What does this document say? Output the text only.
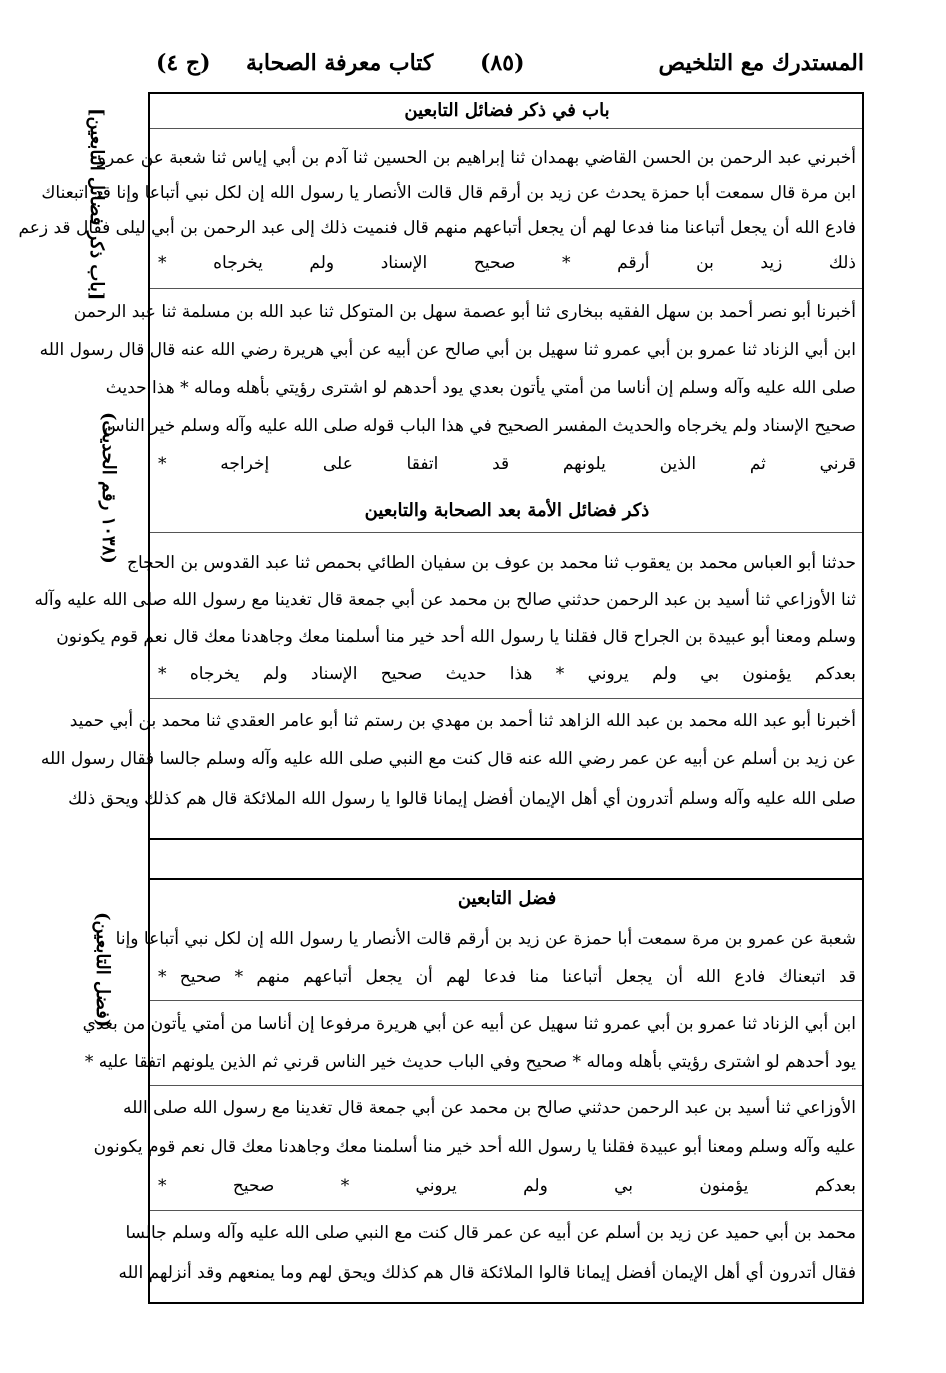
المستدرك مع التلخيص
(٨٥)
كتاب معرفة الصحابة
(ج ٤)
[باب ذكر فضائل التابعين]
(١٠٣٨ رقم الحديث)
(فضل التابعين)
باب في ذكر فضائل التابعين
أخبرني عبد الرحمن بن الحسن القاضي بهمدان ثنا إبراهيم بن الحسين ثنا آدم بن أبي إياس ثنا شعبة عن عمرو
ابن مرة قال سمعت أبا حمزة يحدث عن زيد بن أرقم قال قالت الأنصار يا رسول الله إن لكل نبي أتباعا وإنا قد اتبعناك
فادع الله أن يجعل أتباعنا منا فدعا لهم أن يجعل أتباعهم منهم قال فنميت ذلك إلى عبد الرحمن بن أبي ليلى فقال قد زعم
ذلك زيد بن أرقم * صحيح الإسناد ولم يخرجاه *
أخبرنا أبو نصر أحمد بن سهل الفقيه ببخارى ثنا أبو عصمة سهل بن المتوكل ثنا عبد الله بن مسلمة ثنا عبد الرحمن
ابن أبي الزناد ثنا عمرو بن أبي عمرو ثنا سهيل بن أبي صالح عن أبيه عن أبي هريرة رضي الله عنه قال قال رسول الله
صلى الله عليه وآله وسلم إن أناسا من أمتي يأتون بعدي يود أحدهم لو اشترى رؤيتي بأهله وماله * هذا حديث
صحيح الإسناد ولم يخرجاه والحديث المفسر الصحيح في هذا الباب قوله صلى الله عليه وآله وسلم خير الناس
قرني ثم الذين يلونهم قد اتفقا على إخراجه *
ذكر فضائل الأمة بعد الصحابة والتابعين
حدثنا أبو العباس محمد بن يعقوب ثنا محمد بن عوف بن سفيان الطائي بحمص ثنا عبد القدوس بن الحجاج
ثنا الأوزاعي ثنا أسيد بن عبد الرحمن حدثني صالح بن محمد عن أبي جمعة قال تغدينا مع رسول الله صلى الله عليه وآله
وسلم ومعنا أبو عبيدة بن الجراح قال فقلنا يا رسول الله أحد خير منا أسلمنا معك وجاهدنا معك قال نعم قوم يكونون
بعدكم يؤمنون بي ولم يروني * هذا حديث صحيح الإسناد ولم يخرجاه *
أخبرنا أبو عبد الله محمد بن عبد الله الزاهد ثنا أحمد بن مهدي بن رستم ثنا أبو عامر العقدي ثنا محمد بن أبي حميد
عن زيد بن أسلم عن أبيه عن عمر رضي الله عنه قال كنت مع النبي صلى الله عليه وآله وسلم جالسا فقال رسول الله
صلى الله عليه وآله وسلم أتدرون أي أهل الإيمان أفضل إيمانا قالوا يا رسول الله الملائكة قال هم كذلك ويحق ذلك
فضل التابعين
شعبة عن عمرو بن مرة سمعت أبا حمزة عن زيد بن أرقم قالت الأنصار يا رسول الله إن لكل نبي أتباعا وإنا
قد اتبعناك فادع الله أن يجعل أتباعنا منا فدعا لهم أن يجعل أتباعهم منهم * صحيح *
ابن أبي الزناد ثنا عمرو بن أبي عمرو ثنا سهيل عن أبيه عن أبي هريرة مرفوعا إن أناسا من أمتي يأتون من بعدي
يود أحدهم لو اشترى رؤيتي بأهله وماله * صحيح وفي الباب حديث خير الناس قرني ثم الذين يلونهم اتفقا عليه *
الأوزاعي ثنا أسيد بن عبد الرحمن حدثني صالح بن محمد عن أبي جمعة قال تغدينا مع رسول الله صلى الله
عليه وآله وسلم ومعنا أبو عبيدة فقلنا يا رسول الله أحد خير منا أسلمنا معك وجاهدنا معك قال نعم قوم يكونون
بعدكم يؤمنون بي ولم يروني * صحيح *
محمد بن أبي حميد عن زيد بن أسلم عن أبيه عن عمر قال كنت مع النبي صلى الله عليه وآله وسلم جالسا
فقال أتدرون أي أهل الإيمان أفضل إيمانا قالوا الملائكة قال هم كذلك ويحق لهم وما يمنعهم وقد أنزلهم الله
